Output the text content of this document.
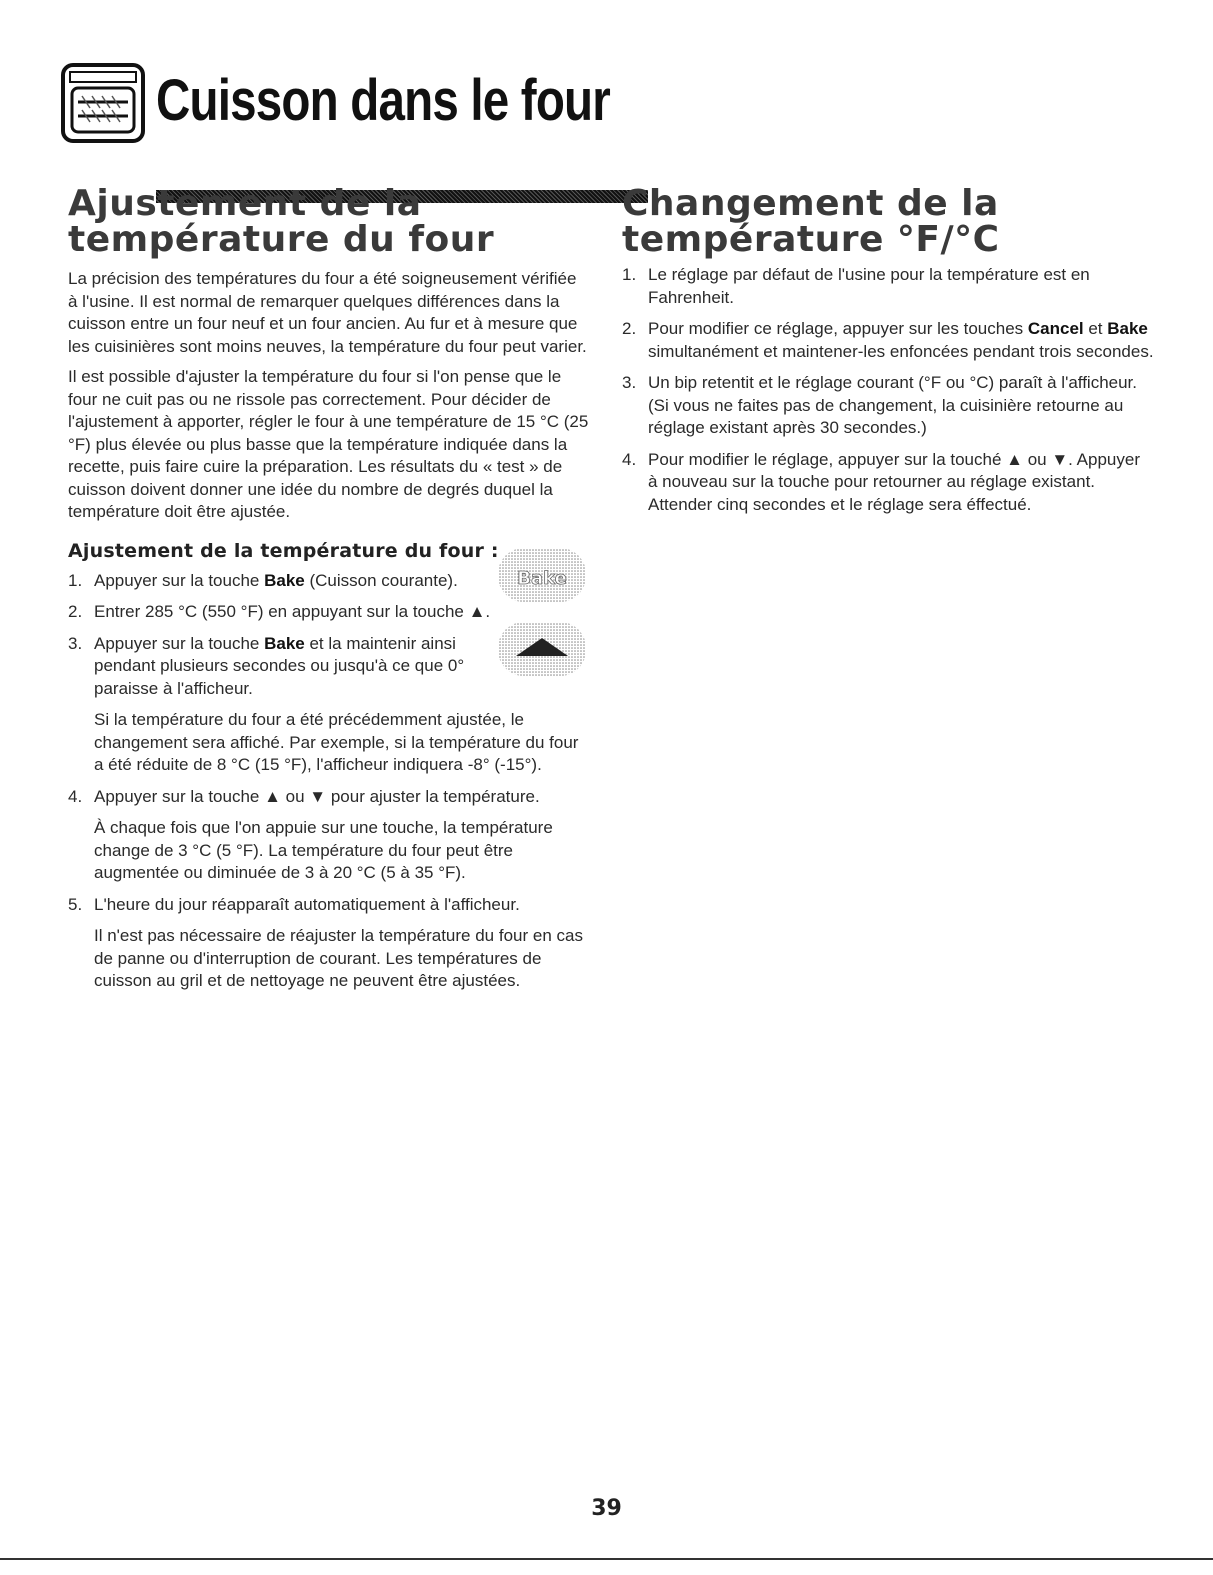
Cuisson dans le four
Ajustement de la température du four

La précision des températures du four a été soigneusement vérifiée à l'usine. Il est normal de remarquer quelques différences dans la cuisson entre un four neuf et un four ancien. Au fur et à mesure que les cuisinières sont moins neuves, la température du four peut varier.

Il est possible d'ajuster la température du four si l'on pense que le four ne cuit pas ou ne rissole pas correctement. Pour décider de l'ajustement à apporter, régler le four à une température de 15 °C (25 °F) plus élevée ou plus basse que la température indiquée dans la recette, puis faire cuire la préparation. Les résultats du « test » de cuisson doivent donner une idée du nombre de degrés duquel la température doit être ajustée.

Ajustement de la température du four :
1. Appuyer sur la touche Bake (Cuisson courante).
2. Entrer 285 °C (550 °F) en appuyant sur la touche ▲.
3. Appuyer sur la touche Bake et la maintenir ainsi pendant plusieurs secondes ou jusqu'à ce que 0° paraisse à l'afficheur.
Si la température du four a été précédemment ajustée, le changement sera affiché. Par exemple, si la température du four a été réduite de 8 °C (15 °F), l'afficheur indiquera -8° (-15°).
4. Appuyer sur la touche ▲ ou ▼ pour ajuster la température.
À chaque fois que l'on appuie sur une touche, la température change de 3 °C (5 °F). La température du four peut être augmentée ou diminuée de 3 à 20 °C (5 à 35 °F).
5. L'heure du jour réapparaît automatiquement à l'afficheur.
Il n'est pas nécessaire de réajuster la température du four en cas de panne ou d'interruption de courant. Les températures de cuisson au gril et de nettoyage ne peuvent être ajustées.
Bake
Changement de la température °F/°C
1. Le réglage par défaut de l'usine pour la température est en Fahrenheit.
2. Pour modifier ce réglage, appuyer sur les touches Cancel et Bake simultanément et maintener-les enfoncées pendant trois secondes.
3. Un bip retentit et le réglage courant (°F ou °C) paraît à l'afficheur. (Si vous ne faites pas de changement, la cuisinière retourne au réglage existant après 30 secondes.)
4. Pour modifier le réglage, appuyer sur la touché ▲ ou ▼. Appuyer à nouveau sur la touche pour retourner au réglage existant. Attender cinq secondes et le réglage sera éffectué.
39
